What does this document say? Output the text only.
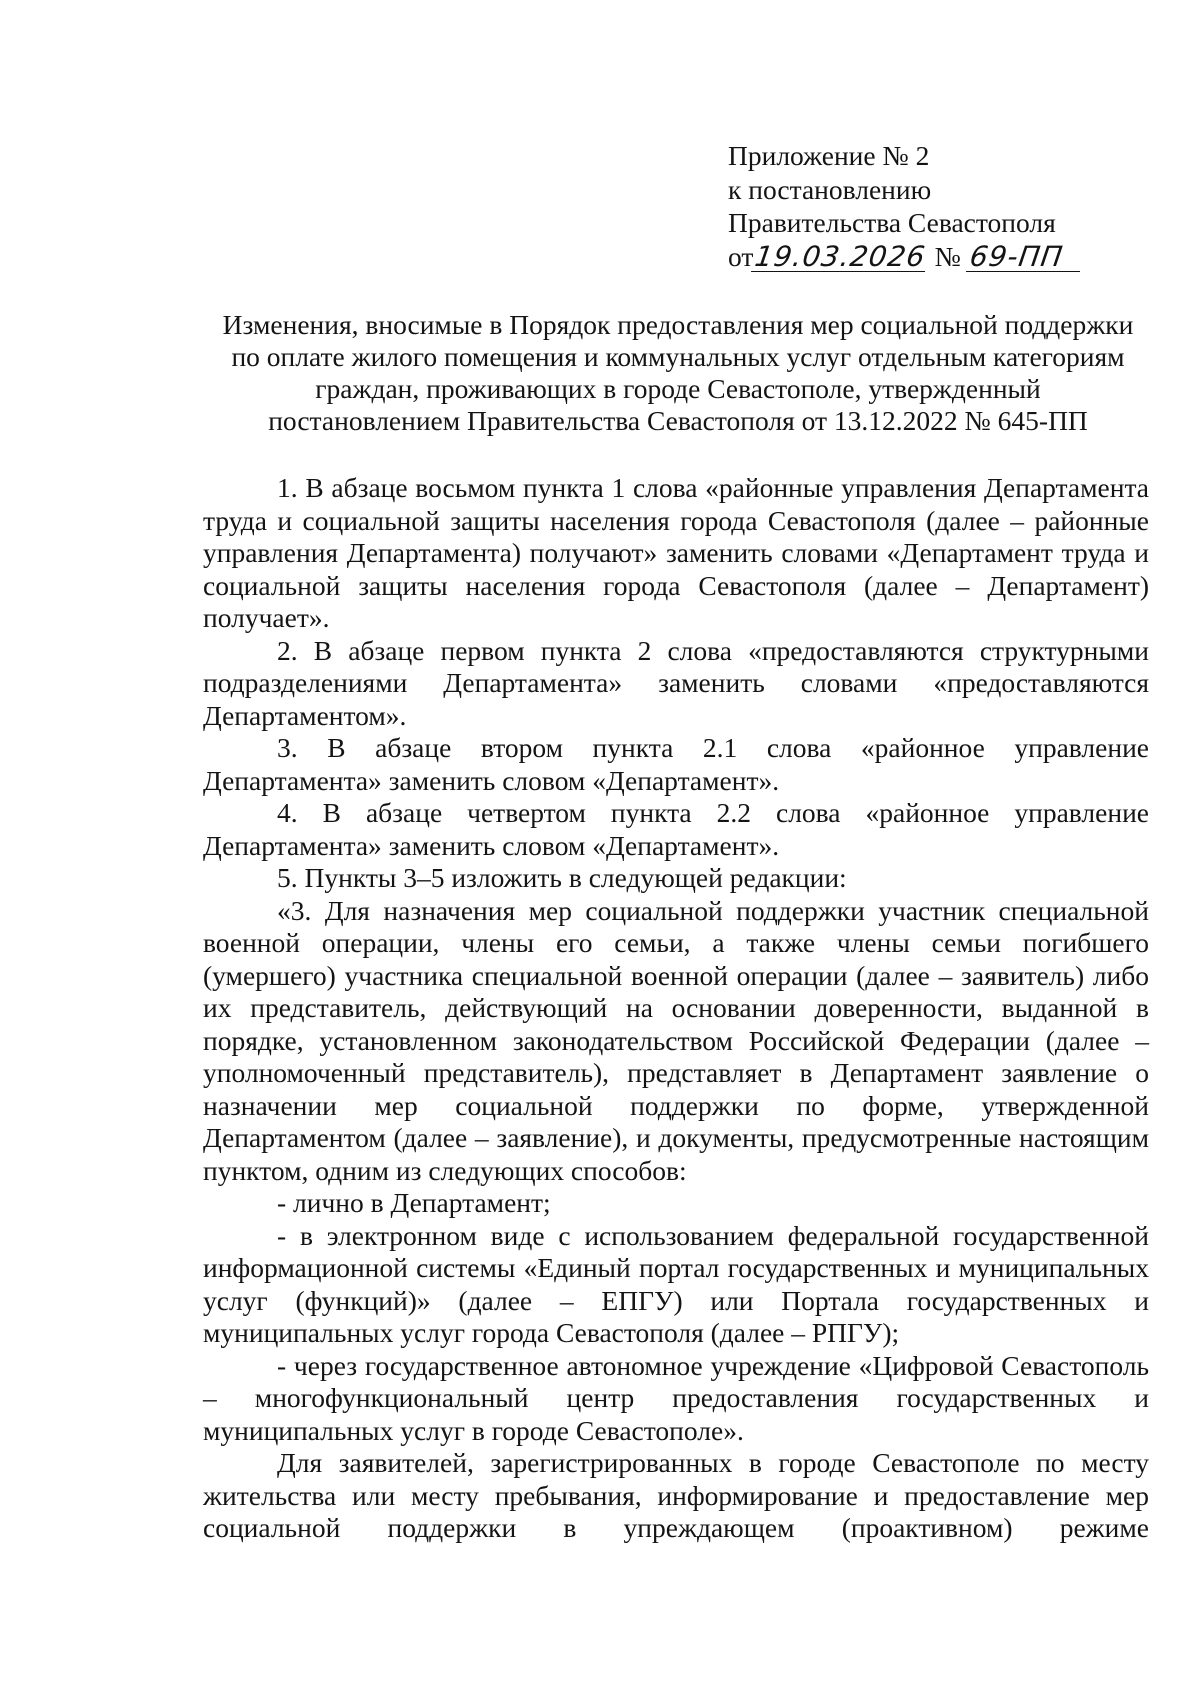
Приложение № 2
к постановлению
Правительства Севастополя
от19.03.2026 № 69-ПП
Изменения, вносимые в Порядок предоставления мер социальной поддержки
по оплате жилого помещения и коммунальных услуг отдельным категориям
граждан, проживающих в городе Севастополе, утвержденный
постановлением Правительства Севастополя от 13.12.2022 № 645-ПП

1. В абзаце восьмом пункта 1 слова «районные управления Департамента труда и социальной защиты населения города Севастополя (далее – районные управления Департамента) получают» заменить словами «Департамент труда и социальной защиты населения города Севастополя (далее – Департамент) получает».

2. В абзаце первом пункта 2 слова «предоставляются структурными подразделениями Департамента» заменить словами «предоставляются Департаментом».

3. В абзаце втором пункта 2.1 слова «районное управление Департамента» заменить словом «Департамент».

4. В абзаце четвертом пункта 2.2 слова «районное управление Департамента» заменить словом «Департамент».

5. Пункты 3–5 изложить в следующей редакции:

«3. Для назначения мер социальной поддержки участник специальной военной операции, члены его семьи, а также члены семьи погибшего (умершего) участника специальной военной операции (далее – заявитель) либо их представитель, действующий на основании доверенности, выданной в порядке, установленном законодательством Российской Федерации (далее – уполномоченный представитель), представляет в Департамент заявление о назначении мер социальной поддержки по форме, утвержденной Департаментом (далее – заявление), и документы, предусмотренные настоящим пунктом, одним из следующих способов:

- лично в Департамент;

- в электронном виде с использованием федеральной государственной информационной системы «Единый портал государственных и муниципальных услуг (функций)» (далее – ЕПГУ) или Портала государственных и муниципальных услуг города Севастополя (далее – РПГУ);

- через государственное автономное учреждение «Цифровой Севастополь – многофункциональный центр предоставления государственных и муниципальных услуг в городе Севастополе».

Для заявителей, зарегистрированных в городе Севастополе по месту жительства или месту пребывания, информирование и предоставление мер социальной поддержки в упреждающем (проактивном) режиме
